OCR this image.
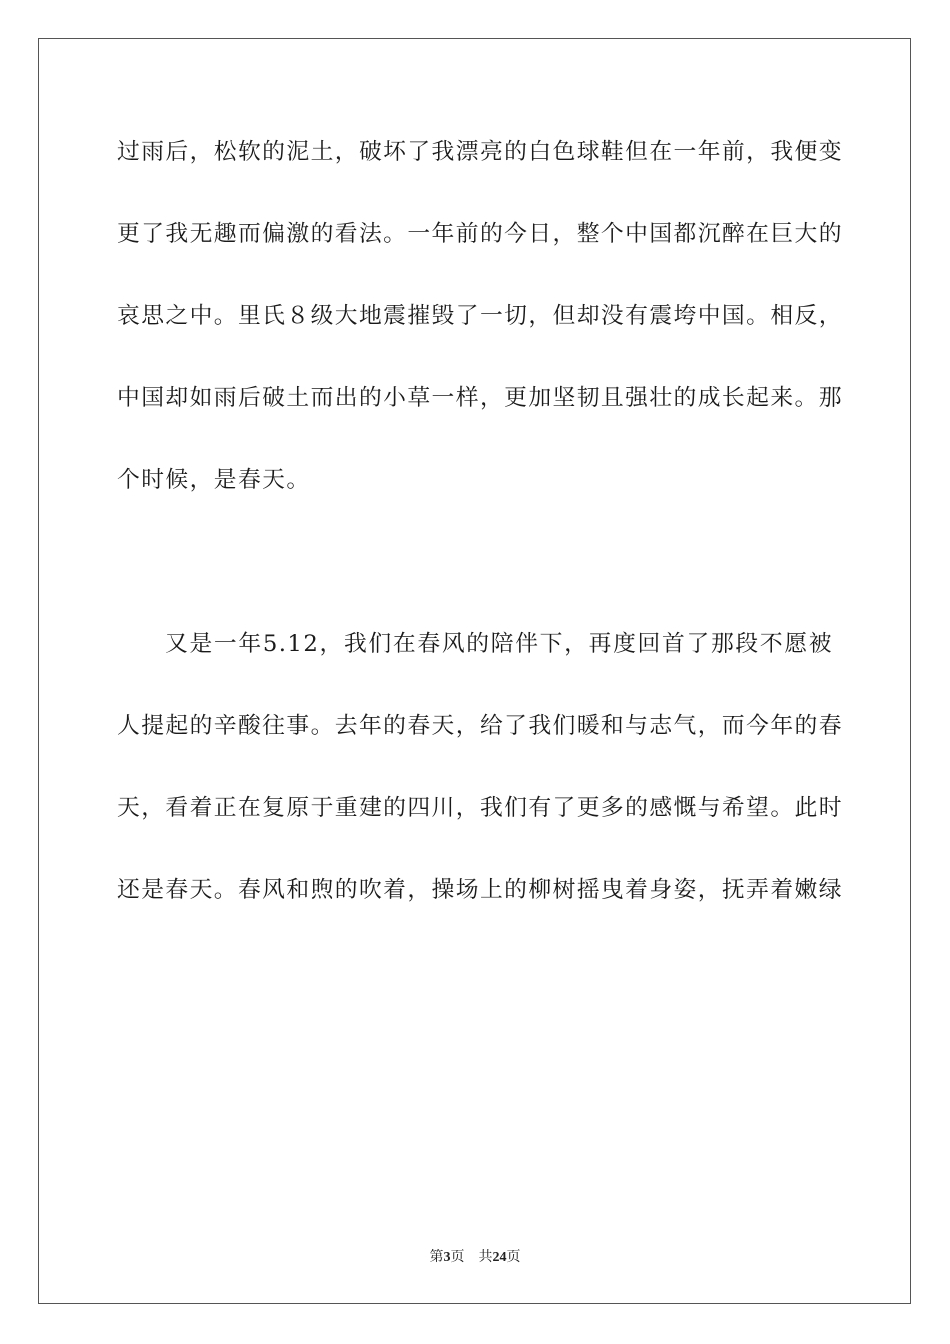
过雨后，松软的泥土，破坏了我漂亮的白色球鞋但在一年前，我便变
更了我无趣而偏激的看法。一年前的今日，整个中国都沉醉在巨大的
哀思之中。里氏８级大地震摧毁了一切，但却没有震垮中国。相反，
中国却如雨后破土而出的小草一样，更加坚韧且强壮的成长起来。那
个时候，是春天。
又是一年5.12，我们在春风的陪伴下，再度回首了那段不愿被
人提起的辛酸往事。去年的春天，给了我们暖和与志气，而今年的春
天，看着正在复原于重建的四川，我们有了更多的感慨与希望。此时
还是春天。春风和煦的吹着，操场上的柳树摇曳着身姿，抚弄着嫩绿
第3页 共24页
